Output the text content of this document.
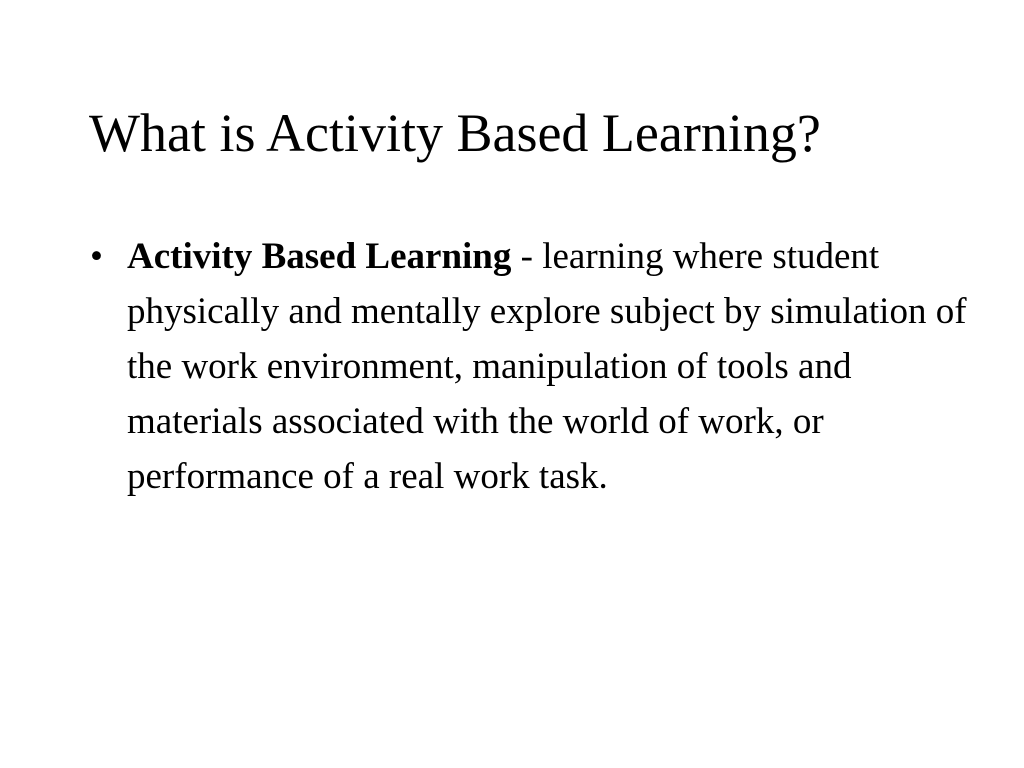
What is Activity Based Learning?
• Activity Based Learning - learning where student physically and mentally explore subject by simulation of the work environment, manipulation of tools and materials associated with the world of work, or performance of a real work task.
